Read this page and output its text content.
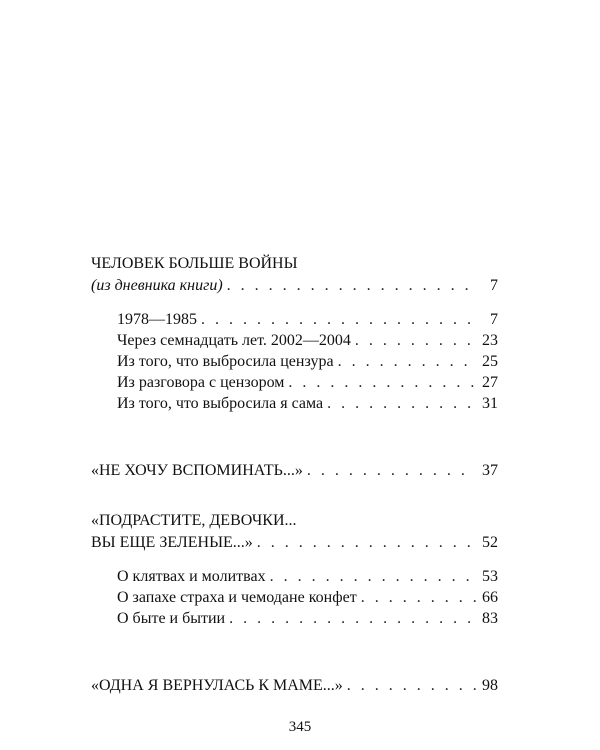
ЧЕЛОВЕК БОЛЬШЕ ВОЙНЫ
(из дневника книги) . . .	7
1978—1985 . . .	7
Через семнадцать лет. 2002—2004 . . .	23
Из того, что выбросила цензура . . .	25
Из разговора с цензором . . .	27
Из того, что выбросила я сама . . .	31
«НЕ ХОЧУ ВСПОМИНАТЬ...» . . .	37
«ПОДРАСТИТЕ, ДЕВОЧКИ...
ВЫ ЕЩЕ ЗЕЛЕНЫЕ...» . . .	52
О клятвах и молитвах . . .	53
О запахе страха и чемодане конфет . . .	66
О быте и бытии . . .	83
«ОДНА Я ВЕРНУЛАСЬ К МАМЕ...» . . .	98
345
